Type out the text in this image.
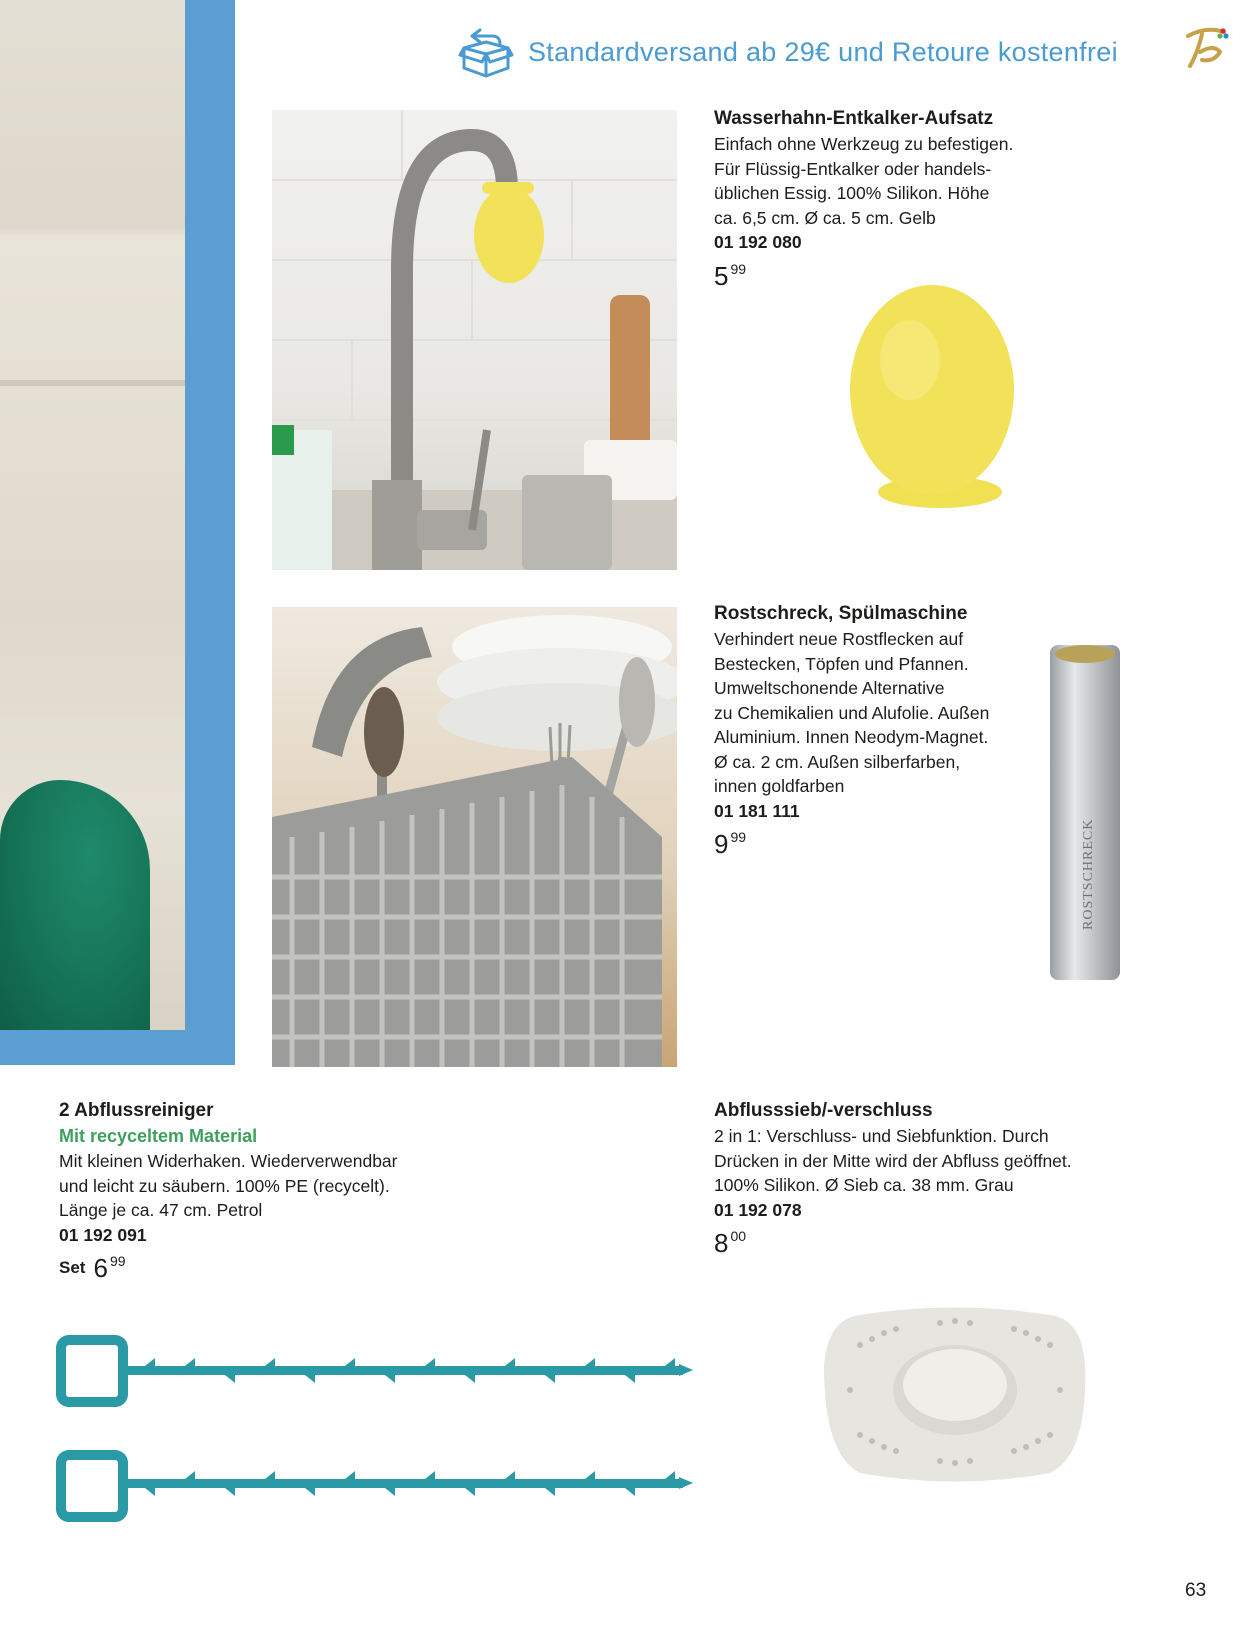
Standardversand ab 29€ und Retoure kostenfrei
Wasserhahn-Entkalker-Aufsatz
Einfach ohne Werkzeug zu befestigen.
Für Flüssig-Entkalker oder handels-
üblichen Essig. 100% Silikon. Höhe
ca. 6,5 cm. Ø ca. 5 cm. Gelb
01 192 080
5 99
Rostschreck, Spülmaschine
Verhindert neue Rostflecken auf
Bestecken, Töpfen und Pfannen.
Umweltschonende Alternative
zu Chemikalien und Alufolie. Außen
Aluminium. Innen Neodym-Magnet.
Ø ca. 2 cm. Außen silberfarben,
innen goldfarben
01 181 111
9 99	ROSTSCHRECK
2 Abflussreiniger
Mit recyceltem Material
Mit kleinen Widerhaken. Wiederverwendbar
und leicht zu säubern. 100% PE (recycelt).
Länge je ca. 47 cm. Petrol
01 192 091
Set 6 99
Abflusssieb/-verschluss
2 in 1: Verschluss- und Siebfunktion. Durch
Drücken in der Mitte wird der Abfluss geöffnet.
100% Silikon. Ø Sieb ca. 38 mm. Grau
01 192 078
8 00
63
